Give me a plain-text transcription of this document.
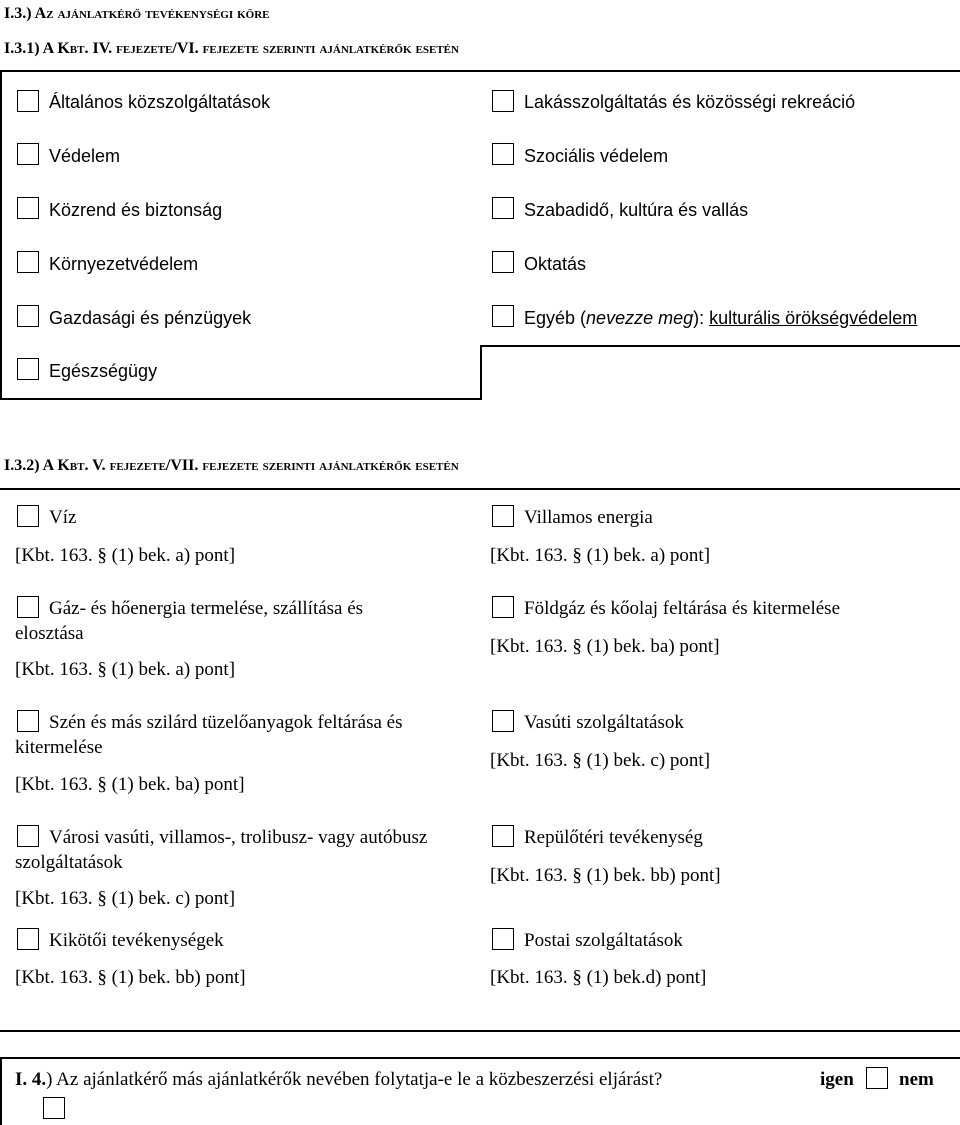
I.3.) Az ajánlatkérő tevékenységi köre
I.3.1) A Kbt. IV. fejezete/VI. fejezete szerinti ajánlatkérők esetén
Általános közszolgáltatások
Védelem
Közrend és biztonság
Környezetvédelem
Gazdasági és pénzügyek
Egészségügy
Lakásszolgáltatás és közösségi rekreáció
Szociális védelem
Szabadidő, kultúra és vallás
Oktatás
Egyéb (nevezze meg): kulturális örökségvédelem
I.3.2) A Kbt. V. fejezete/VII. fejezete szerinti ajánlatkérők esetén
Víz
[Kbt. 163. § (1) bek. a) pont]
Gáz- és hőenergia termelése, szállítása és
elosztása
[Kbt. 163. § (1) bek. a) pont]
Szén és más szilárd tüzelőanyagok feltárása és
kitermelése
[Kbt. 163. § (1) bek. ba) pont]
Városi vasúti, villamos-, trolibusz- vagy autóbusz
szolgáltatások
[Kbt. 163. § (1) bek. c) pont]
Kikötői tevékenységek
[Kbt. 163. § (1) bek. bb) pont]
Villamos energia
[Kbt. 163. § (1) bek. a) pont]
Földgáz és kőolaj feltárása és kitermelése
[Kbt. 163. § (1) bek. ba) pont]
Vasúti szolgáltatások
[Kbt. 163. § (1) bek. c) pont]
Repülőtéri tevékenység
[Kbt. 163. § (1) bek. bb) pont]
Postai szolgáltatások
[Kbt. 163. § (1) bek.d) pont]
I. 4.) Az ajánlatkérő más ajánlatkérők nevében folytatja-e le a közbeszerzési eljárást?	igen nem
